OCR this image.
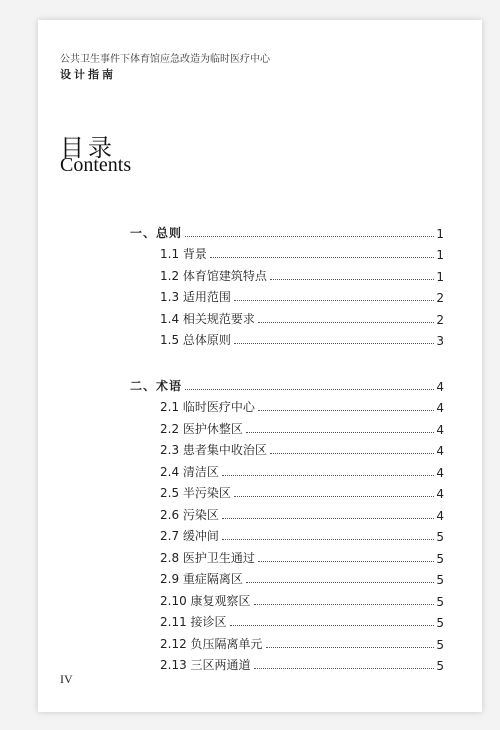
公共卫生事件下体育馆应急改造为临时医疗中心
设计指南
目录
Contents
一、总则	1
1.1 背景	1
1.2 体育馆建筑特点	1
1.3 适用范围	2
1.4 相关规范要求	2
1.5 总体原则	3
二、术语	4
2.1 临时医疗中心	4
2.2 医护休整区	4
2.3 患者集中收治区	4
2.4 清洁区	4
2.5 半污染区	4
2.6 污染区	4
2.7 缓冲间	5
2.8 医护卫生通过	5
2.9 重症隔离区	5
2.10 康复观察区	5
2.11 接诊区	5
2.12 负压隔离单元	5
2.13 三区两通道	5
IV
